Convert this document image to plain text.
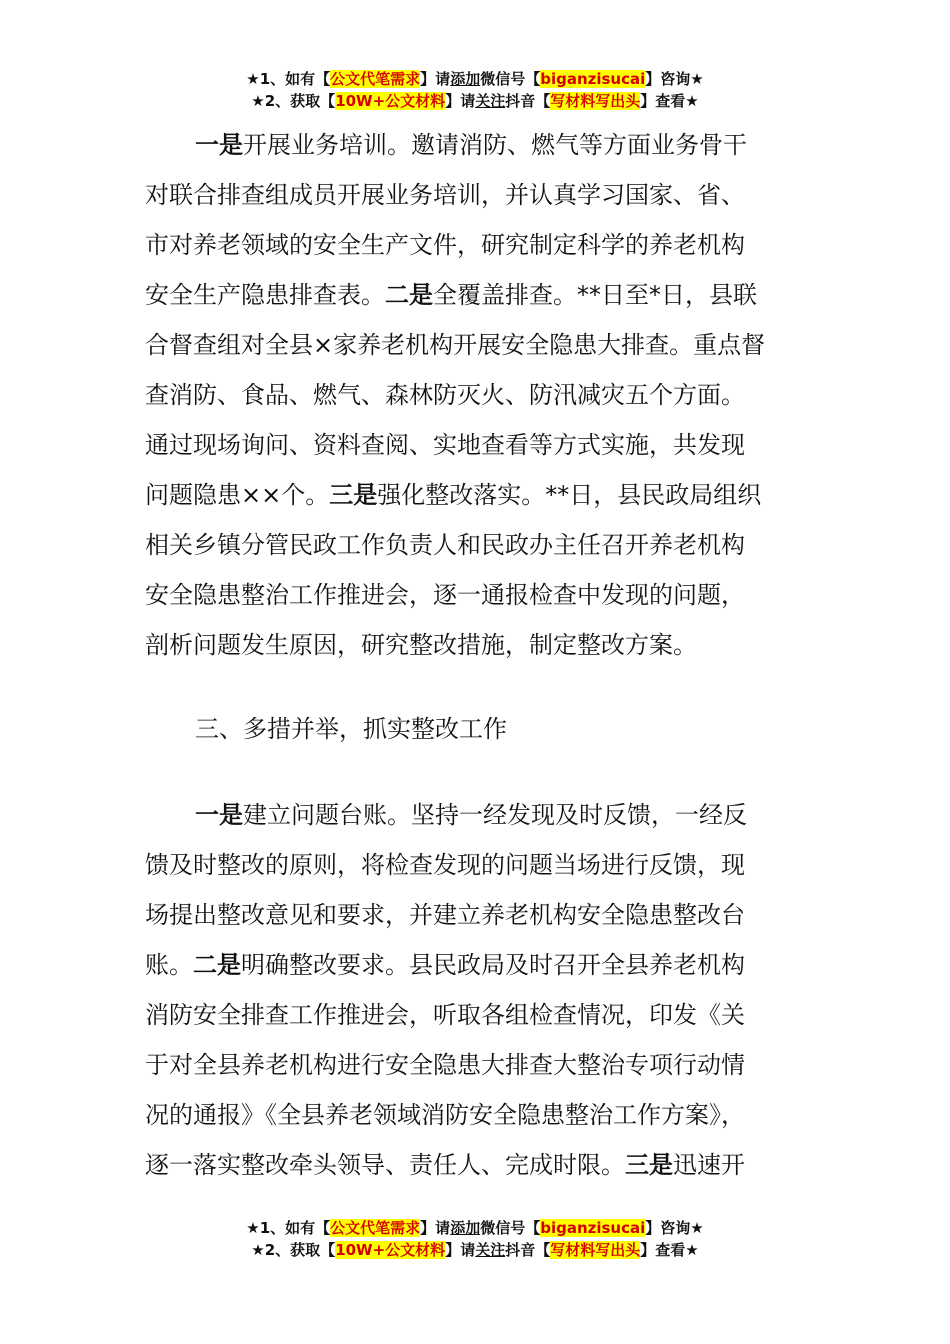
★1、如有【公文代笔需求】请添加微信号【biganzisucai】咨询★
★2、获取【10W+公文材料】请关注抖音【写材料写出头】查看★
一是开展业务培训。邀请消防、燃气等方面业务骨干
对联合排查组成员开展业务培训，并认真学习国家、省、
市对养老领域的安全生产文件，研究制定科学的养老机构
安全生产隐患排查表。二是全覆盖排查。**日至*日，县联
合督查组对全县×家养老机构开展安全隐患大排查。重点督
查消防、食品、燃气、森林防灭火、防汛减灾五个方面。
通过现场询问、资料查阅、实地查看等方式实施，共发现
问题隐患××个。三是强化整改落实。**日，县民政局组织
相关乡镇分管民政工作负责人和民政办主任召开养老机构
安全隐患整治工作推进会，逐一通报检查中发现的问题，
剖析问题发生原因，研究整改措施，制定整改方案。
三、多措并举，抓实整改工作
一是建立问题台账。坚持一经发现及时反馈，一经反
馈及时整改的原则，将检查发现的问题当场进行反馈，现
场提出整改意见和要求，并建立养老机构安全隐患整改台
账。二是明确整改要求。县民政局及时召开全县养老机构
消防安全排查工作推进会，听取各组检查情况，印发《关
于对全县养老机构进行安全隐患大排查大整治专项行动情
况的通报》《全县养老领域消防安全隐患整治工作方案》，
逐一落实整改牵头领导、责任人、完成时限。三是迅速开
★1、如有【公文代笔需求】请添加微信号【biganzisucai】咨询★
★2、获取【10W+公文材料】请关注抖音【写材料写出头】查看★
